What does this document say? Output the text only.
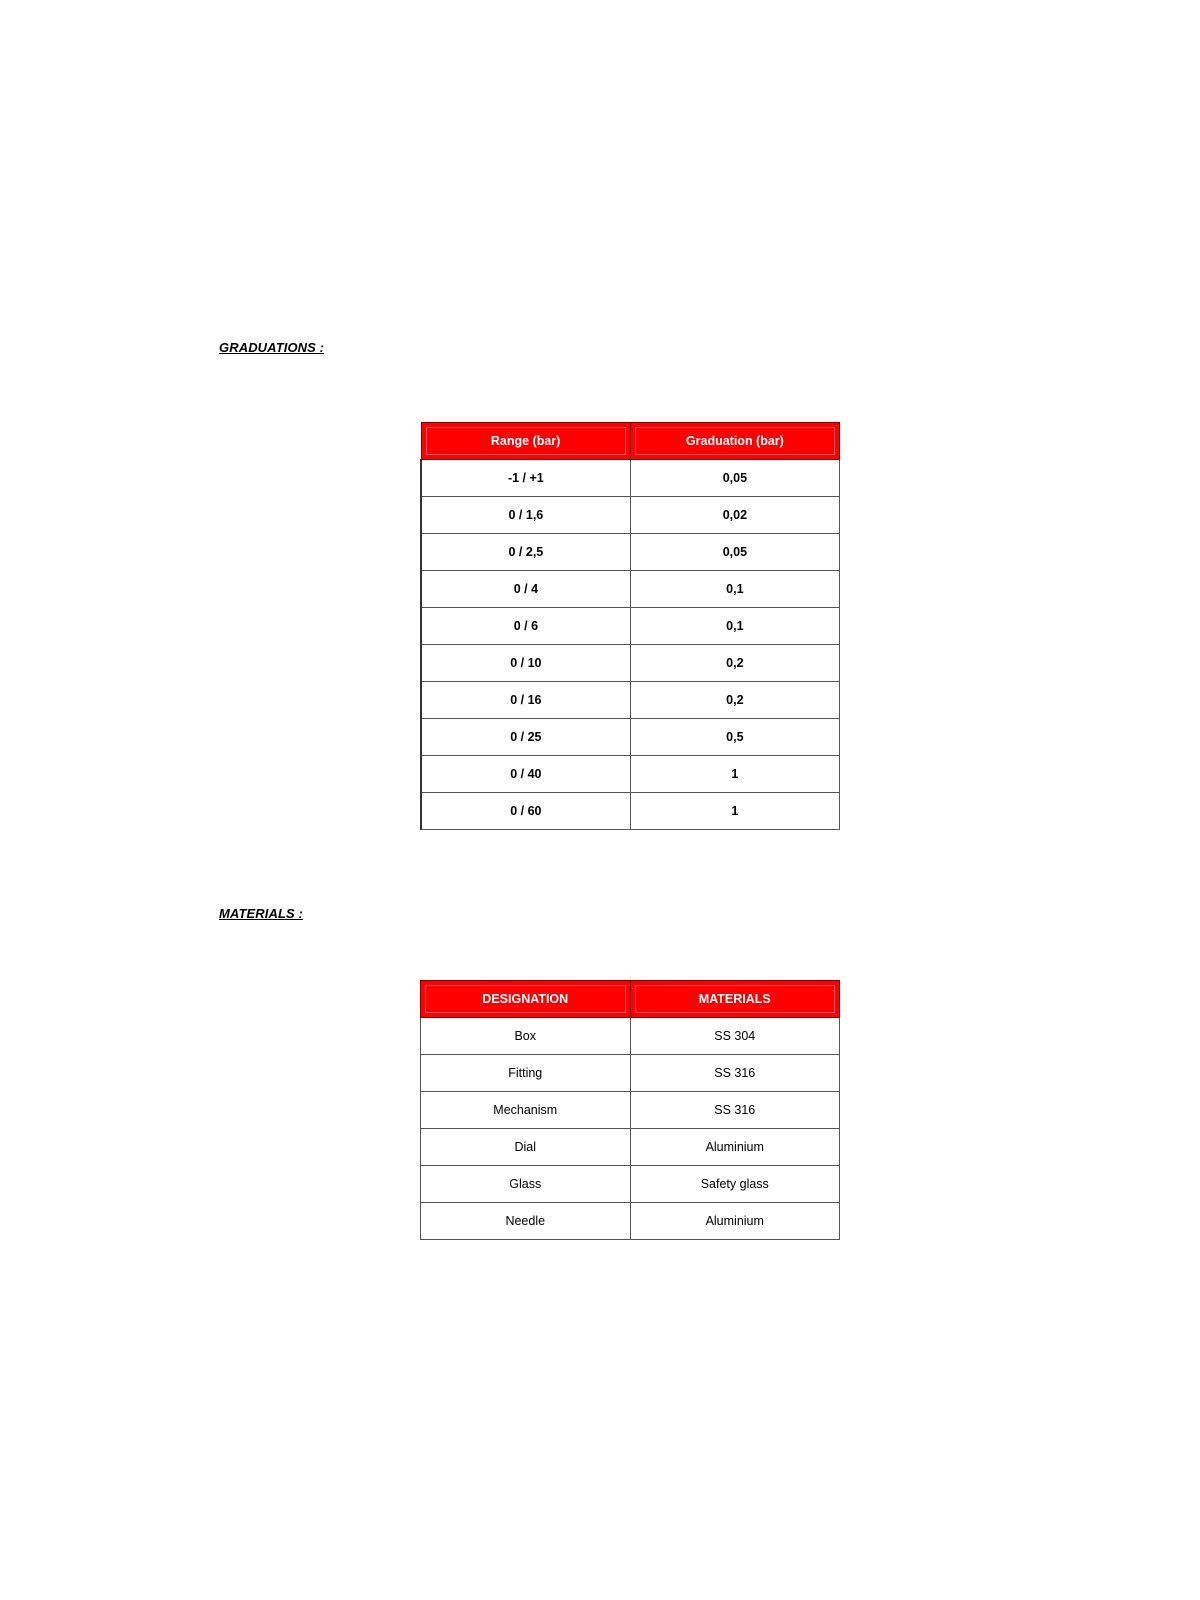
GRADUATIONS :
Range (bar)	Graduation (bar)

-1 / +1	0,05
0 / 1,6	0,02
0 / 2,5	0,05
0 / 4	0,1
0 / 6	0,1
0 / 10	0,2
0 / 16	0,2
0 / 25	0,5
0 / 40	1
0 / 60	1
MATERIALS :
DESIGNATION	MATERIALS

Box	SS 304
Fitting	SS 316
Mechanism	SS 316
Dial	Aluminium
Glass	Safety glass
Needle	Aluminium
